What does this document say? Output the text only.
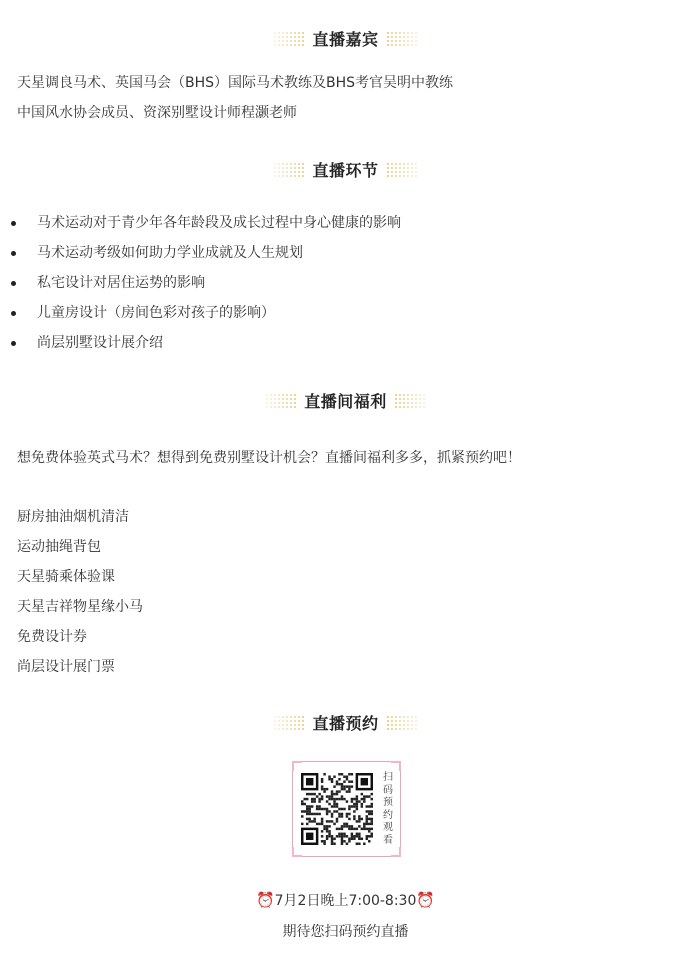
直播嘉宾
天星调良马术、英国马会（BHS）国际马术教练及BHS考官吴明中教练
中国风水协会成员、资深别墅设计师程灏老师
直播环节
马术运动对于青少年各年龄段及成长过程中身心健康的影响
马术运动考级如何助力学业成就及人生规划
私宅设计对居住运势的影响
儿童房设计（房间色彩对孩子的影响）
尚层别墅设计展介绍
直播间福利
想免费体验英式马术？想得到免费别墅设计机会？直播间福利多多，抓紧预约吧！
厨房抽油烟机清洁
运动抽绳背包
天星骑乘体验课
天星吉祥物星缘小马
免费设计券
尚层设计展门票
直播预约
扫
码
预
约
观
看
⏰7月2日晚上7:00-8:30⏰
期待您扫码预约直播
